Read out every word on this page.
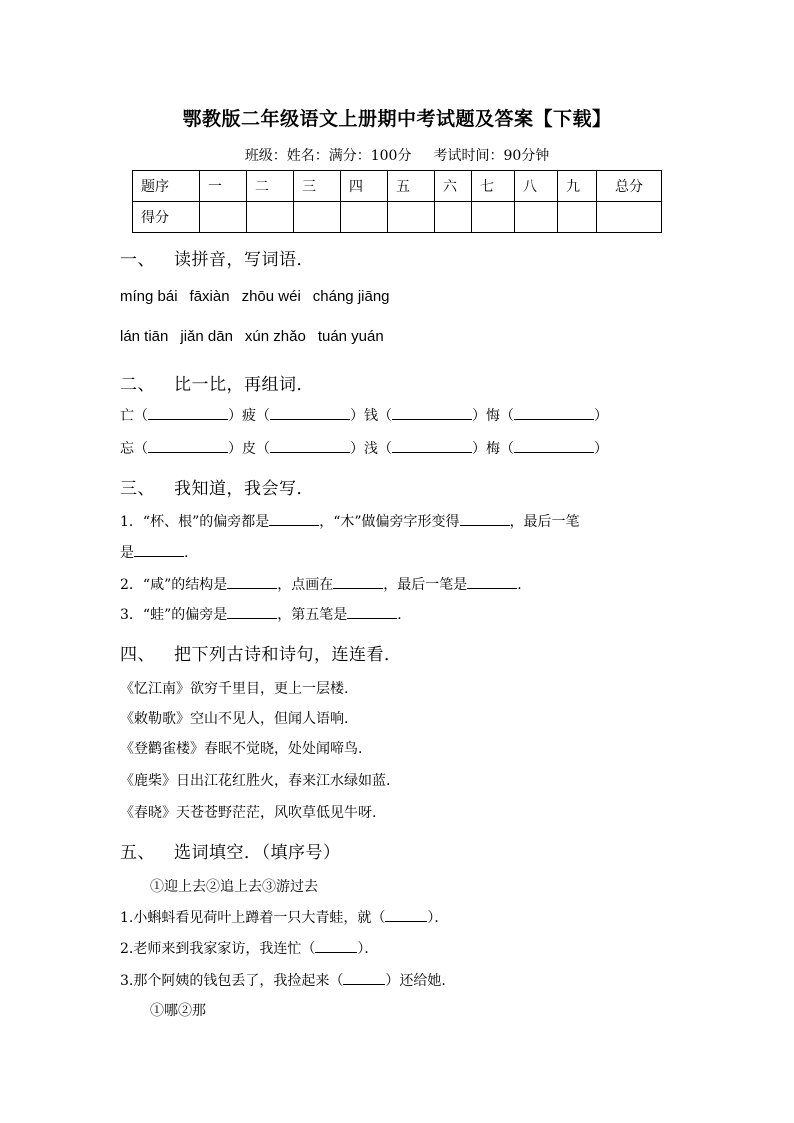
鄂教版二年级语文上册期中考试题及答案【下载】
班级：姓名：满分：100分 考试时间：90分钟
题序	一	二	三	四	五	六	七	八	九	总分
得分										
一、 读拼音，写词语．
míng bái fāxiàn zhōu wéi cháng jiāng
lán tiān jiǎn dān xún zhǎo tuán yuán
二、 比一比，再组词．
亡（	）疲（	）钱（	）悔（	）
忘（	）皮（	）浅（	）梅（	）
三、 我知道，我会写．
1．“杯、根”的偏旁都是	，“木”做偏旁字形变得	，最后一笔
是	.
2．“咸”的结构是	，点画在	，最后一笔是	.
3．“蛙”的偏旁是	，第五笔是	.
四、 把下列古诗和诗句，连连看．
《忆江南》欲穷千里目，更上一层楼.
《敕勒歌》空山不见人，但闻人语响.
《登鹳雀楼》春眠不觉晓，处处闻啼鸟.
《鹿柴》日出江花红胜火，春来江水绿如蓝.
《春晓》天苍苍野茫茫，风吹草低见牛呀.
五、 选词填空．（填序号）
①迎上去②追上去③游过去
1.小蝌蚪看见荷叶上蹲着一只大青蛙，就（	）．
2.老师来到我家家访，我连忙（	）．
3.那个阿姨的钱包丢了，我捡起来（	）还给她.
①哪②那
